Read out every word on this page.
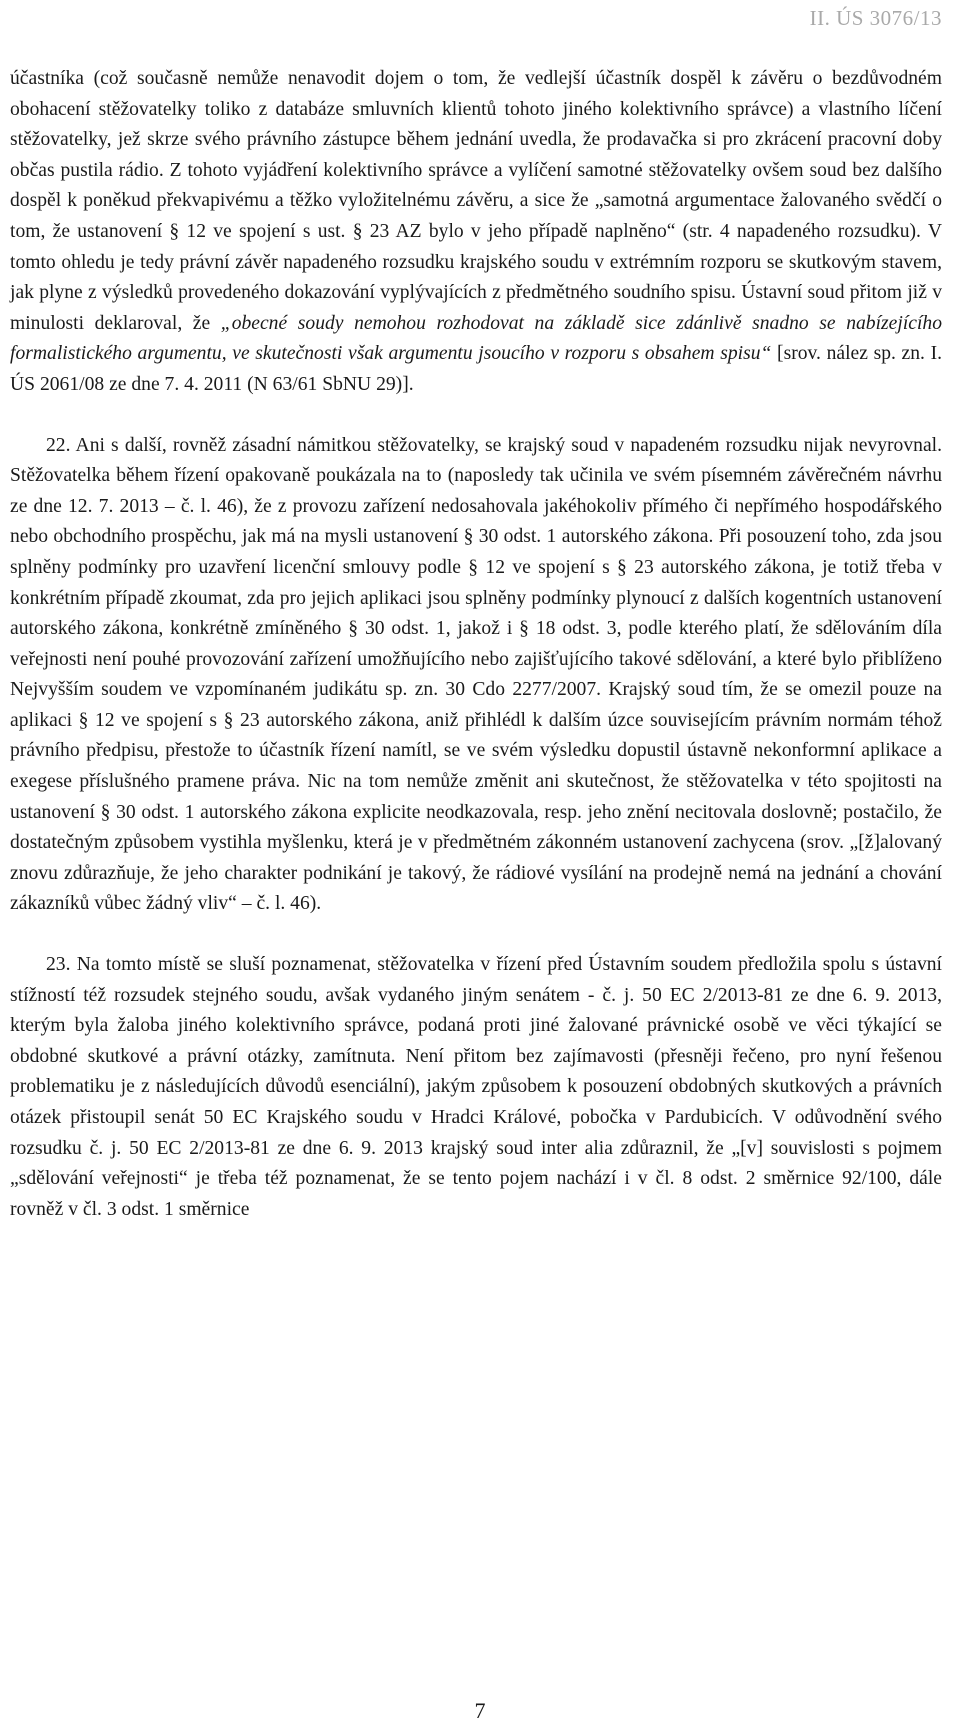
II. ÚS 3076/13

účastníka (což současně nemůže nenavodit dojem o tom, že vedlejší účastník dospěl k závěru o bezdůvodném obohacení stěžovatelky toliko z databáze smluvních klientů tohoto jiného kolektivního správce) a vlastního líčení stěžovatelky, jež skrze svého právního zástupce během jednání uvedla, že prodavačka si pro zkrácení pracovní doby občas pustila rádio. Z tohoto vyjádření kolektivního správce a vylíčení samotné stěžovatelky ovšem soud bez dalšího dospěl k poněkud překvapivému a těžko vyložitelnému závěru, a sice že „samotná argumentace žalovaného svědčí o tom, že ustanovení § 12 ve spojení s ust. § 23 AZ bylo v jeho případě naplněno“ (str. 4 napadeného rozsudku). V tomto ohledu je tedy právní závěr napadeného rozsudku krajského soudu v extrémním rozporu se skutkovým stavem, jak plyne z výsledků provedeného dokazování vyplývajících z předmětného soudního spisu. Ústavní soud přitom již v minulosti deklaroval, že „obecné soudy nemohou rozhodovat na základě sice zdánlivě snadno se nabízejícího formalistického argumentu, ve skutečnosti však argumentu jsoucího v rozporu s obsahem spisu“ [srov. nález sp. zn. I. ÚS 2061/08 ze dne 7. 4. 2011 (N 63/61 SbNU 29)].

22. Ani s další, rovněž zásadní námitkou stěžovatelky, se krajský soud v napadeném rozsudku nijak nevyrovnal. Stěžovatelka během řízení opakovaně poukázala na to (naposledy tak učinila ve svém písemném závěrečném návrhu ze dne 12. 7. 2013 – č. l. 46), že z provozu zařízení nedosahovala jakéhokoliv přímého či nepřímého hospodářského nebo obchodního prospěchu, jak má na mysli ustanovení § 30 odst. 1 autorského zákona. Při posouzení toho, zda jsou splněny podmínky pro uzavření licenční smlouvy podle § 12 ve spojení s § 23 autorského zákona, je totiž třeba v konkrétním případě zkoumat, zda pro jejich aplikaci jsou splněny podmínky plynoucí z dalších kogentních ustanovení autorského zákona, konkrétně zmíněného § 30 odst. 1, jakož i § 18 odst. 3, podle kterého platí, že sdělováním díla veřejnosti není pouhé provozování zařízení umožňujícího nebo zajišťujícího takové sdělování, a které bylo přiblíženo Nejvyšším soudem ve vzpomínaném judikátu sp. zn. 30 Cdo 2277/2007. Krajský soud tím, že se omezil pouze na aplikaci § 12 ve spojení s § 23 autorského zákona, aniž přihlédl k dalším úzce souvisejícím právním normám téhož právního předpisu, přestože to účastník řízení namítl, se ve svém výsledku dopustil ústavně nekonformní aplikace a exegese příslušného pramene práva. Nic na tom nemůže změnit ani skutečnost, že stěžovatelka v této spojitosti na ustanovení § 30 odst. 1 autorského zákona explicite neodkazovala, resp. jeho znění necitovala doslovně; postačilo, že dostatečným způsobem vystihla myšlenku, která je v předmětném zákonném ustanovení zachycena (srov. „[ž]alovaný znovu zdůrazňuje, že jeho charakter podnikání je takový, že rádiové vysílání na prodejně nemá na jednání a chování zákazníků vůbec žádný vliv“ – č. l. 46).

23. Na tomto místě se sluší poznamenat, stěžovatelka v řízení před Ústavním soudem předložila spolu s ústavní stížností též rozsudek stejného soudu, avšak vydaného jiným senátem - č. j. 50 EC 2/2013-81 ze dne 6. 9. 2013, kterým byla žaloba jiného kolektivního správce, podaná proti jiné žalované právnické osobě ve věci týkající se obdobné skutkové a právní otázky, zamítnuta. Není přitom bez zajímavosti (přesněji řečeno, pro nyní řešenou problematiku je z následujících důvodů esenciální), jakým způsobem k posouzení obdobných skutkových a právních otázek přistoupil senát 50 EC Krajského soudu v Hradci Králové, pobočka v Pardubicích. V odůvodnění svého rozsudku č. j. 50 EC 2/2013-81 ze dne 6. 9. 2013 krajský soud inter alia zdůraznil, že „[v] souvislosti s pojmem „sdělování veřejnosti“ je třeba též poznamenat, že se tento pojem nachází i v čl. 8 odst. 2 směrnice 92/100, dále rovněž v čl. 3 odst. 1 směrnice

7
